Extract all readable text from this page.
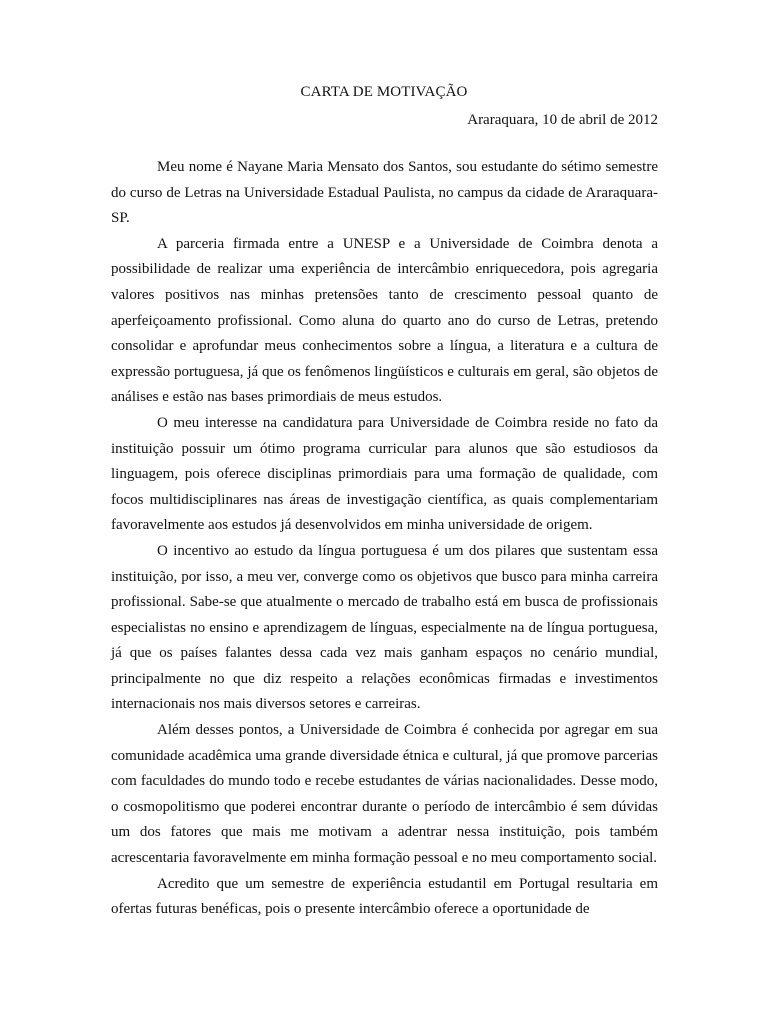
CARTA DE MOTIVAÇÃO
Araraquara, 10 de abril de 2012

Meu nome é Nayane Maria Mensato dos Santos, sou estudante do sétimo semestre do curso de Letras na Universidade Estadual Paulista, no campus da cidade de Araraquara-SP.

A parceria firmada entre a UNESP e a Universidade de Coimbra denota a possibilidade de realizar uma experiência de intercâmbio enriquecedora, pois agregaria valores positivos nas minhas pretensões tanto de crescimento pessoal quanto de aperfeiçoamento profissional. Como aluna do quarto ano do curso de Letras, pretendo consolidar e aprofundar meus conhecimentos sobre a língua, a literatura e a cultura de expressão portuguesa, já que os fenômenos lingüísticos e culturais em geral, são objetos de análises e estão nas bases primordiais de meus estudos.

O meu interesse na candidatura para Universidade de Coimbra reside no fato da instituição possuir um ótimo programa curricular para alunos que são estudiosos da linguagem, pois oferece disciplinas primordiais para uma formação de qualidade, com focos multidisciplinares nas áreas de investigação científica, as quais complementariam favoravelmente aos estudos já desenvolvidos em minha universidade de origem.

O incentivo ao estudo da língua portuguesa é um dos pilares que sustentam essa instituição, por isso, a meu ver, converge como os objetivos que busco para minha carreira profissional. Sabe-se que atualmente o mercado de trabalho está em busca de profissionais especialistas no ensino e aprendizagem de línguas, especialmente na de língua portuguesa, já que os países falantes dessa cada vez mais ganham espaços no cenário mundial, principalmente no que diz respeito a relações econômicas firmadas e investimentos internacionais nos mais diversos setores e carreiras.

Além desses pontos, a Universidade de Coimbra é conhecida por agregar em sua comunidade acadêmica uma grande diversidade étnica e cultural, já que promove parcerias com faculdades do mundo todo e recebe estudantes de várias nacionalidades. Desse modo, o cosmopolitismo que poderei encontrar durante o período de intercâmbio é sem dúvidas um dos fatores que mais me motivam a adentrar nessa instituição, pois também acrescentaria favoravelmente em minha formação pessoal e no meu comportamento social.

Acredito que um semestre de experiência estudantil em Portugal resultaria em ofertas futuras benéficas, pois o presente intercâmbio oferece a oportunidade de
